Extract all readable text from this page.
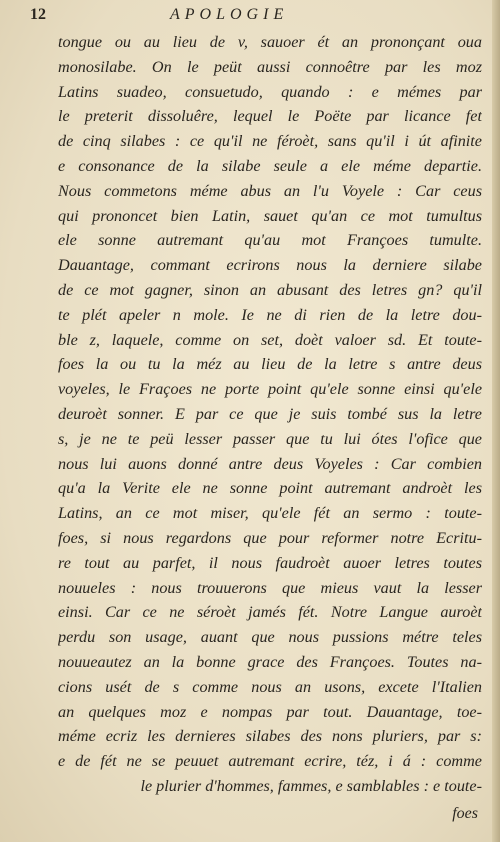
12	APOLOGIE
tongue ou au lieu de v, sauoer ét an prononçant oua
monosilabe. On le peüt aussi connoêtre par les moz
Latins suadeo, consuetudo, quando : e mémes par
le preterit dissoluêre, lequel le Poëte par licance fet
de cinq silabes : ce qu'il ne féroèt, sans qu'il i út afinite
e consonance de la silabe seule a ele méme departie.
Nous commetons méme abus an l'u Voyele : Car ceus
qui prononcet bien Latin, sauet qu'an ce mot tumultus
ele sonne autremant qu'au mot Françoes tumulte.
Dauantage, commant ecrirons nous la derniere silabe
de ce mot gagner, sinon an abusant des letres gn? qu'il
te plét apeler n mole. Ie ne di rien de la letre dou-
ble z, laquele, comme on set, doèt valoer sd. Et toute-
foes la ou tu la méz au lieu de la letre s antre deus
voyeles, le Fraçoes ne porte point qu'ele sonne einsi qu'ele
deuroèt sonner. E par ce que je suis tombé sus la letre
s, je ne te peü lesser passer que tu lui ótes l'ofice que
nous lui auons donné antre deus Voyeles : Car combien
qu'a la Verite ele ne sonne point autremant androèt les
Latins, an ce mot miser, qu'ele fét an sermo : toute-
foes, si nous regardons que pour reformer notre Ecritu-
re tout au parfet, il nous faudroèt auoer letres toutes
nouueles : nous trouuerons que mieus vaut la lesser
einsi. Car ce ne séroèt jamés fét. Notre Langue auroèt
perdu son usage, auant que nous pussions métre teles
nouueautez an la bonne grace des Françoes. Toutes na-
cions usét de s comme nous an usons, excete l'Italien
an quelques moz e nompas par tout. Dauantage, toe-
méme ecriz les dernieres silabes des nons pluriers, par s:
e de fét ne se peuuet autremant ecrire, téz, i á : comme
le plurier d'hommes, fammes, e samblables : e toute-
foes
